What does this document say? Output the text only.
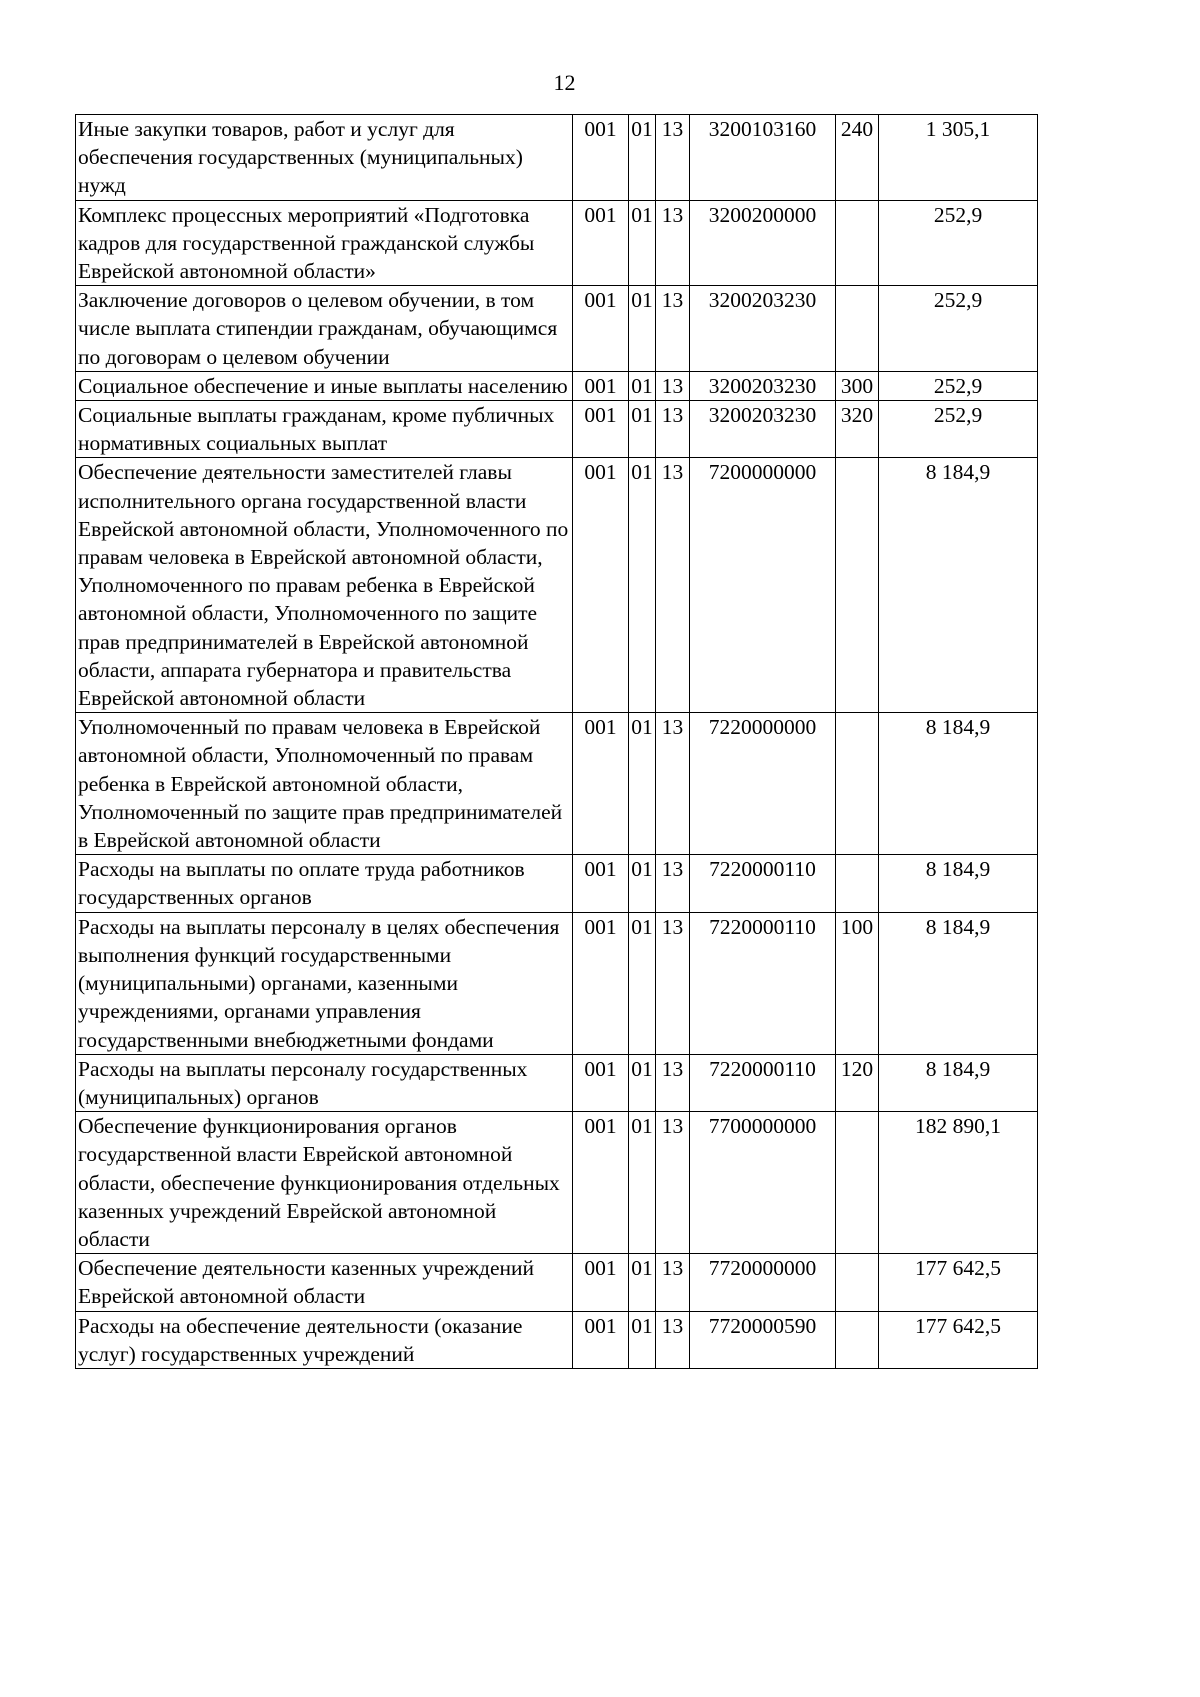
12
Иные закупки товаров, работ и услуг для обеспечения государственных (муниципальных) нужд	001	01	13	3200103160	240	1 305,1
Комплекс процессных мероприятий «Подготовка кадров для государственной гражданской службы Еврейской автономной области»	001	01	13	3200200000		252,9
Заключение договоров о целевом обучении, в том числе выплата стипендии гражданам, обучающимся по договорам о целевом обучении	001	01	13	3200203230		252,9
Социальное обеспечение и иные выплаты населению	001	01	13	3200203230	300	252,9
Социальные выплаты гражданам, кроме публичных нормативных социальных выплат	001	01	13	3200203230	320	252,9
Обеспечение деятельности заместителей главы исполнительного органа государственной власти Еврейской автономной области, Уполномоченного по правам человека в Еврейской автономной области, Уполномоченного по правам ребенка в Еврейской автономной области, Уполномоченного по защите прав предпринимателей в Еврейской автономной области, аппарата губернатора и правительства Еврейской автономной области	001	01	13	7200000000		8 184,9
Уполномоченный по правам человека в Еврейской автономной области, Уполномоченный по правам ребенка в Еврейской автономной области, Уполномоченный по защите прав предпринимателей в Еврейской автономной области	001	01	13	7220000000		8 184,9
Расходы на выплаты по оплате труда работников государственных органов	001	01	13	7220000110		8 184,9
Расходы на выплаты персоналу в целях обеспечения выполнения функций государственными (муниципальными) органами, казенными учреждениями, органами управления государственными внебюджетными фондами	001	01	13	7220000110	100	8 184,9
Расходы на выплаты персоналу государственных (муниципальных) органов	001	01	13	7220000110	120	8 184,9
Обеспечение функционирования органов государственной власти Еврейской автономной области, обеспечение функционирования отдельных казенных учреждений Еврейской автономной области	001	01	13	7700000000		182 890,1
Обеспечение деятельности казенных учреждений Еврейской автономной области	001	01	13	7720000000		177 642,5
Расходы на обеспечение деятельности (оказание услуг) государственных учреждений	001	01	13	7720000590		177 642,5
